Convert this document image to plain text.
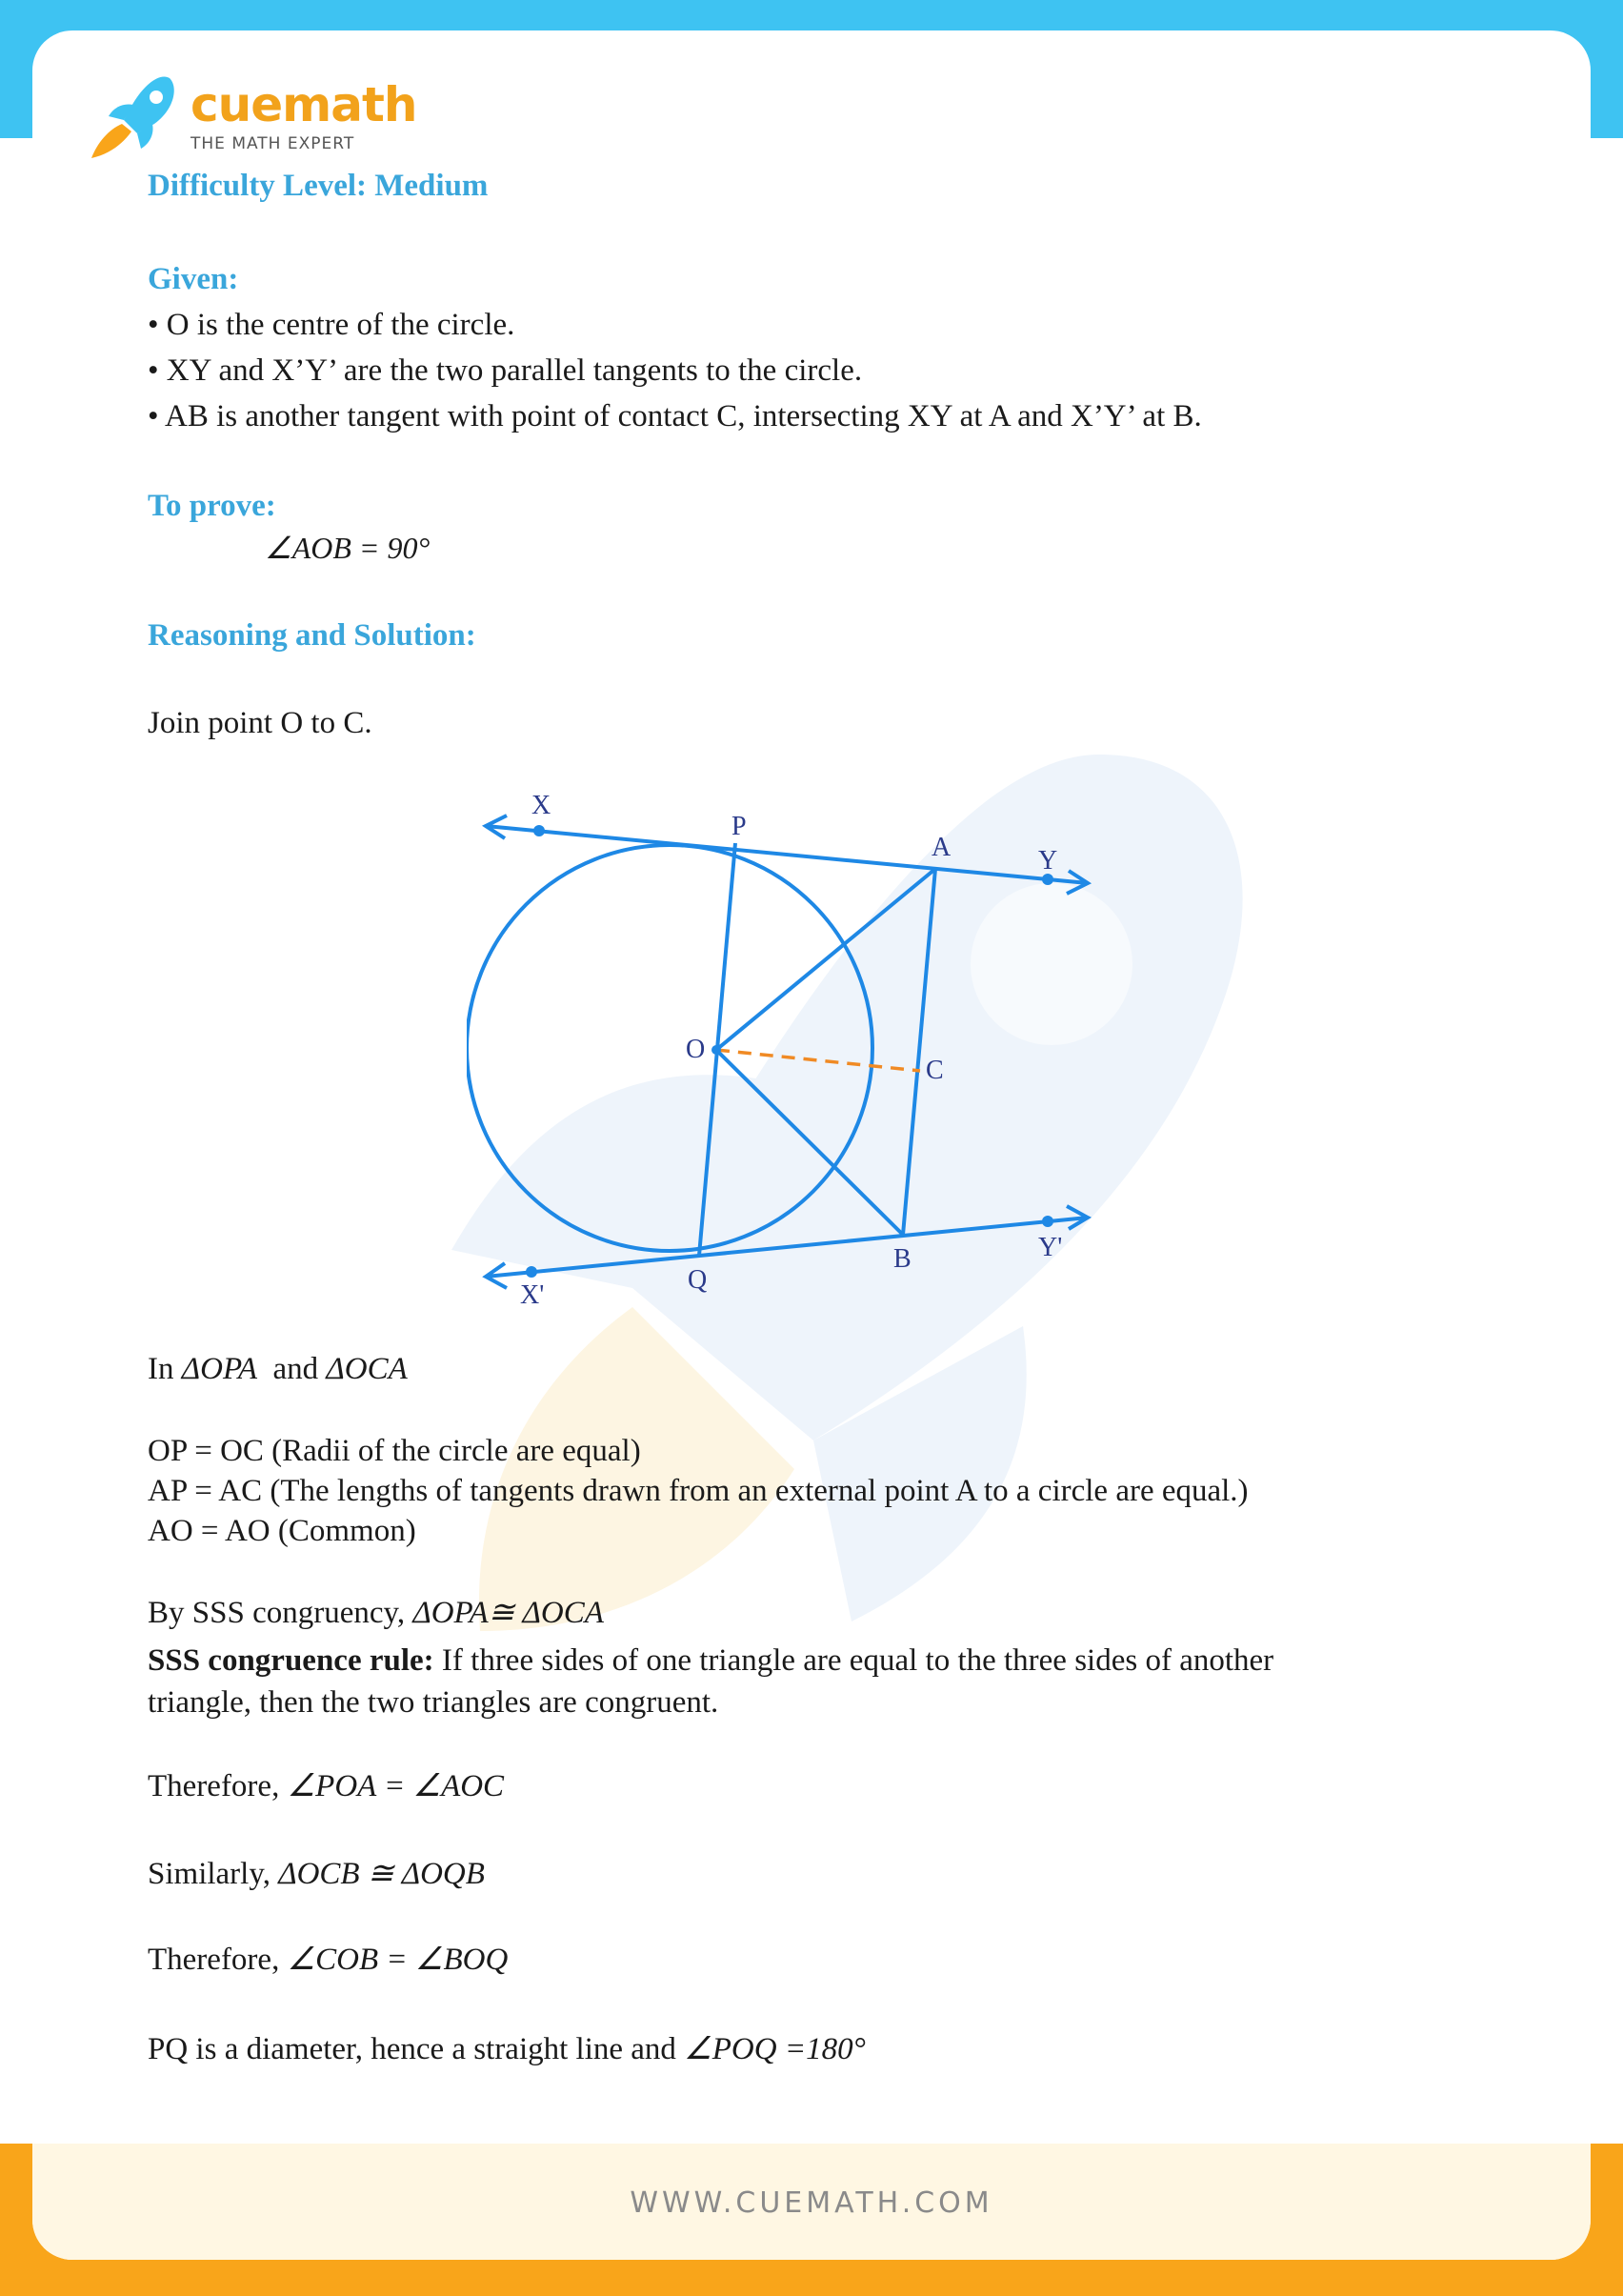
WWW.CUEMATH.COM
cuemath
THE MATH EXPERT
Difficulty Level: Medium
Given:
• O is the centre of the circle.
• XY and X’Y’ are the two parallel tangents to the circle.
• AB is another tangent with point of contact C, intersecting XY at A and X’Y’ at B.
To prove:
∠AOB = 90°
Reasoning and Solution:
Join point O to C.
X
P
A	Y
O
C
X'
Q
B	Y'
In ΔOPA and ΔOCA
OP = OC (Radii of the circle are equal)
AP = AC (The lengths of tangents drawn from an external point A to a circle are equal.)
AO = AO (Common)
By SSS congruency, ΔOPA≅ ΔOCA
SSS congruence rule: If three sides of one triangle are equal to the three sides of another
triangle, then the two triangles are congruent.
Therefore, ∠POA = ∠AOC
Similarly, ΔOCB ≅ ΔOQB
Therefore, ∠COB = ∠BOQ
PQ is a diameter, hence a straight line and ∠POQ =180°
